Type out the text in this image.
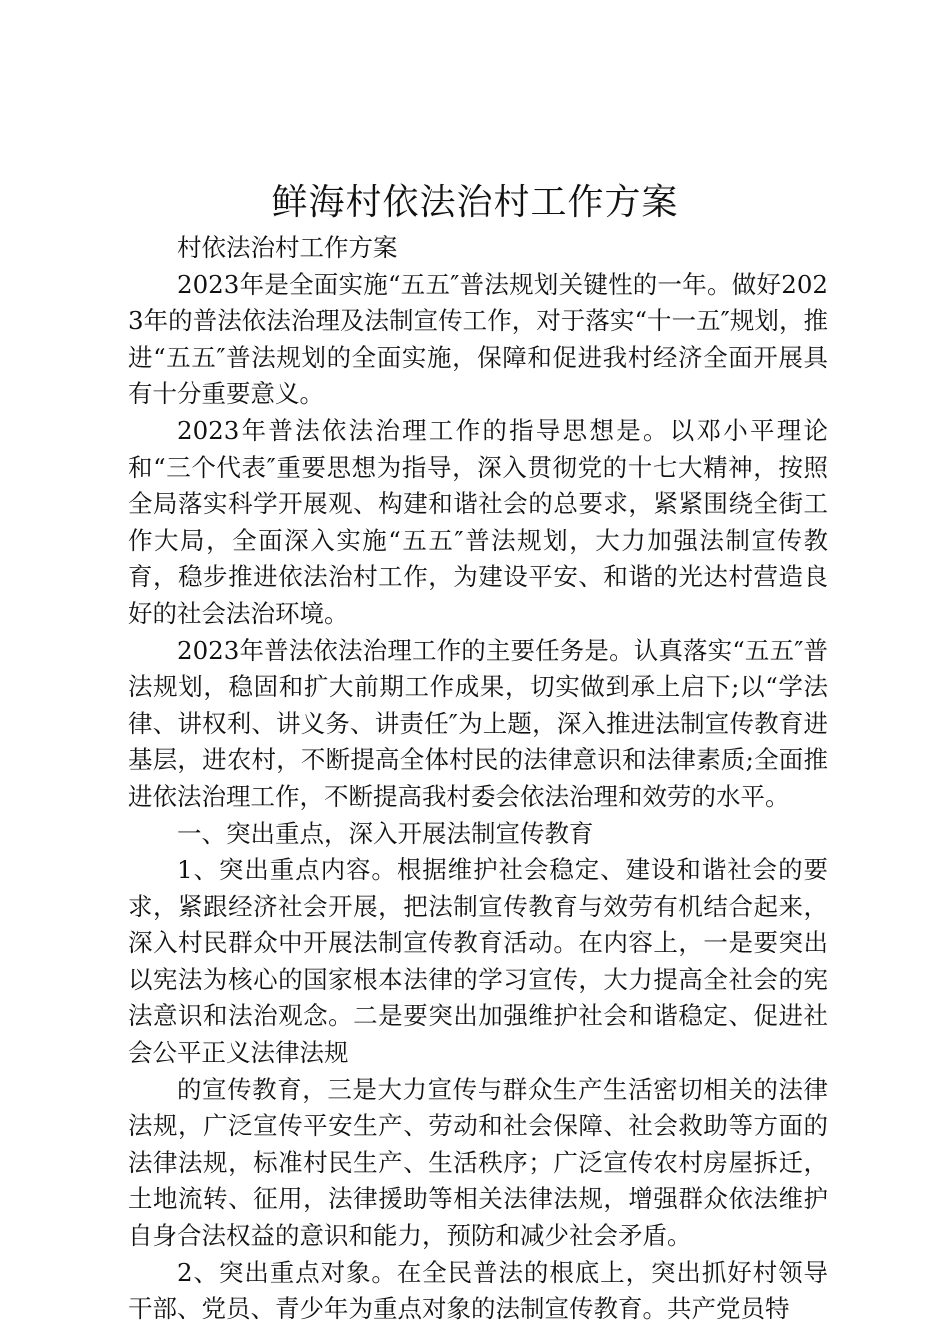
鲜海村依法治村工作方案

村依法治村工作方案

2023年是全面实施“五五″普法规划关键性的一年。做好2023年的普法依法治理及法制宣传工作，对于落实“十一五″规划，推进“五五″普法规划的全面实施，保障和促进我村经济全面开展具有十分重要意义。

2023年普法依法治理工作的指导思想是。以邓小平理论和“三个代表″重要思想为指导，深入贯彻党的十七大精神，按照全局落实科学开展观、构建和谐社会的总要求，紧紧围绕全街工作大局，全面深入实施“五五″普法规划，大力加强法制宣传教育，稳步推进依法治村工作，为建设平安、和谐的光达村营造良好的社会法治环境。

2023年普法依法治理工作的主要任务是。认真落实“五五″普法规划，稳固和扩大前期工作成果，切实做到承上启下;以“学法律、讲权利、讲义务、讲责任″为上题，深入推进法制宣传教育进基层，进农村，不断提高全体村民的法律意识和法律素质;全面推进依法治理工作，不断提高我村委会依法治理和效劳的水平。

一、突出重点，深入开展法制宣传教育

1、突出重点内容。根据维护社会稳定、建设和谐社会的要求，紧跟经济社会开展，把法制宣传教育与效劳有机结合起来，深入村民群众中开展法制宣传教育活动。在内容上，一是要突出以宪法为核心的国家根本法律的学习宣传，大力提高全社会的宪法意识和法治观念。二是要突出加强维护社会和谐稳定、促进社会公平正义法律法规

的宣传教育，三是大力宣传与群众生产生活密切相关的法律法规，广泛宣传平安生产、劳动和社会保障、社会救助等方面的法律法规，标准村民生产、生活秩序；广泛宣传农村房屋拆迁，土地流转、征用，法律援助等相关法律法规，增强群众依法维护自身合法权益的意识和能力，预防和减少社会矛盾。

2、突出重点对象。在全民普法的根底上，突出抓好村领导干部、党员、青少年为重点对象的法制宣传教育。共产党员特
